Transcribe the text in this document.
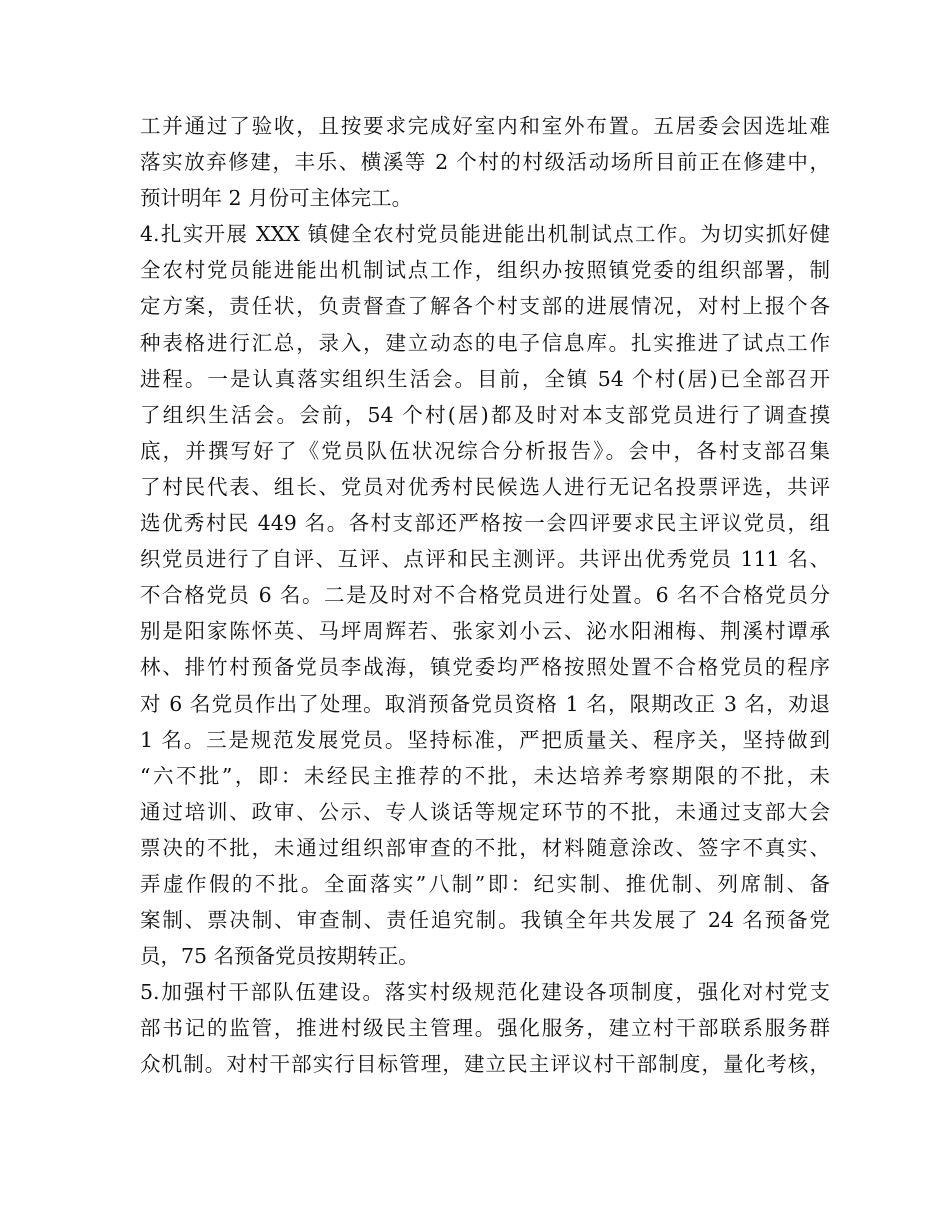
工并通过了验收，且按要求完成好室内和室外布置。五居委会因选址难
落实放弃修建，丰乐、横溪等 2 个村的村级活动场所目前正在修建中，
预计明年 2 月份可主体完工。
4.扎实开展 XXX 镇健全农村党员能进能出机制试点工作。为切实抓好健
全农村党员能进能出机制试点工作，组织办按照镇党委的组织部署，制
定方案，责任状，负责督查了解各个村支部的进展情况，对村上报个各
种表格进行汇总，录入，建立动态的电子信息库。扎实推进了试点工作
进程。一是认真落实组织生活会。目前，全镇 54 个村(居)已全部召开
了组织生活会。会前，54 个村(居)都及时对本支部党员进行了调查摸
底，并撰写好了《党员队伍状况综合分析报告》。会中，各村支部召集
了村民代表、组长、党员对优秀村民候选人进行无记名投票评选，共评
选优秀村民 449 名。各村支部还严格按一会四评要求民主评议党员，组
织党员进行了自评、互评、点评和民主测评。共评出优秀党员 111 名、
不合格党员 6 名。二是及时对不合格党员进行处置。6 名不合格党员分
别是阳家陈怀英、马坪周辉若、张家刘小云、泌水阳湘梅、荆溪村谭承
林、排竹村预备党员李战海，镇党委均严格按照处置不合格党员的程序
对 6 名党员作出了处理。取消预备党员资格 1 名，限期改正 3 名，劝退
1 名。三是规范发展党员。坚持标准，严把质量关、程序关，坚持做到
“六不批”，即：未经民主推荐的不批，未达培养考察期限的不批，未
通过培训、政审、公示、专人谈话等规定环节的不批，未通过支部大会
票决的不批，未通过组织部审查的不批，材料随意涂改、签字不真实、
弄虚作假的不批。全面落实”八制”即：纪实制、推优制、列席制、备
案制、票决制、审查制、责任追究制。我镇全年共发展了 24 名预备党
员，75 名预备党员按期转正。
5.加强村干部队伍建设。落实村级规范化建设各项制度，强化对村党支
部书记的监管，推进村级民主管理。强化服务，建立村干部联系服务群
众机制。对村干部实行目标管理，建立民主评议村干部制度，量化考核，
